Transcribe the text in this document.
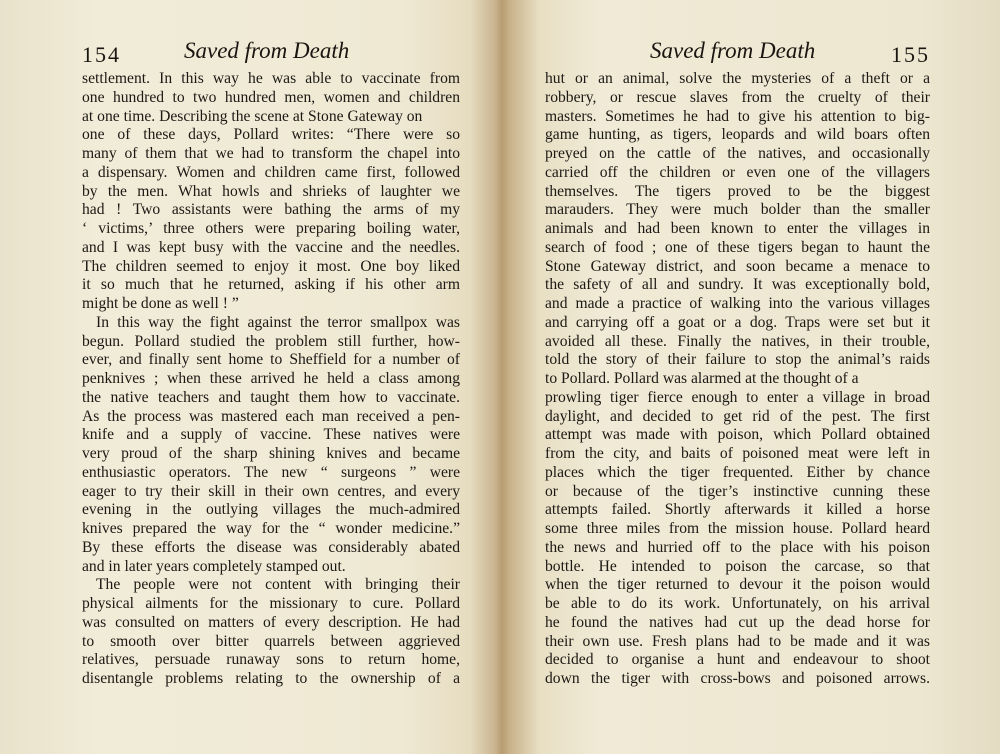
154	Saved from Death
settlement. In this way he was able to vaccinate from
one hundred to two hundred men, women and children
at one time. Describing the scene at Stone Gateway on
one of these days, Pollard writes: “There were so
many of them that we had to transform the chapel into
a dispensary. Women and children came first, followed
by the men. What howls and shrieks of laughter we
had ! Two assistants were bathing the arms of my
‘ victims,’ three others were preparing boiling water,
and I was kept busy with the vaccine and the needles.
The children seemed to enjoy it most. One boy liked
it so much that he returned, asking if his other arm
might be done as well ! ”
In this way the fight against the terror smallpox was
begun. Pollard studied the problem still further, how-
ever, and finally sent home to Sheffield for a number of
penknives ; when these arrived he held a class among
the native teachers and taught them how to vaccinate.
As the process was mastered each man received a pen-
knife and a supply of vaccine. These natives were
very proud of the sharp shining knives and became
enthusiastic operators. The new “ surgeons ” were
eager to try their skill in their own centres, and every
evening in the outlying villages the much-admired
knives prepared the way for the “ wonder medicine.”
By these efforts the disease was considerably abated
and in later years completely stamped out.
The people were not content with bringing their
physical ailments for the missionary to cure. Pollard
was consulted on matters of every description. He had
to smooth over bitter quarrels between aggrieved
relatives, persuade runaway sons to return home,
disentangle problems relating to the ownership of a
Saved from Death	155
hut or an animal, solve the mysteries of a theft or a
robbery, or rescue slaves from the cruelty of their
masters. Sometimes he had to give his attention to big-
game hunting, as tigers, leopards and wild boars often
preyed on the cattle of the natives, and occasionally
carried off the children or even one of the villagers
themselves. The tigers proved to be the biggest
marauders. They were much bolder than the smaller
animals and had been known to enter the villages in
search of food ; one of these tigers began to haunt the
Stone Gateway district, and soon became a menace to
the safety of all and sundry. It was exceptionally bold,
and made a practice of walking into the various villages
and carrying off a goat or a dog. Traps were set but it
avoided all these. Finally the natives, in their trouble,
told the story of their failure to stop the animal’s raids
to Pollard. Pollard was alarmed at the thought of a
prowling tiger fierce enough to enter a village in broad
daylight, and decided to get rid of the pest. The first
attempt was made with poison, which Pollard obtained
from the city, and baits of poisoned meat were left in
places which the tiger frequented. Either by chance
or because of the tiger’s instinctive cunning these
attempts failed. Shortly afterwards it killed a horse
some three miles from the mission house. Pollard heard
the news and hurried off to the place with his poison
bottle. He intended to poison the carcase, so that
when the tiger returned to devour it the poison would
be able to do its work. Unfortunately, on his arrival
he found the natives had cut up the dead horse for
their own use. Fresh plans had to be made and it was
decided to organise a hunt and endeavour to shoot
down the tiger with cross-bows and poisoned arrows.
